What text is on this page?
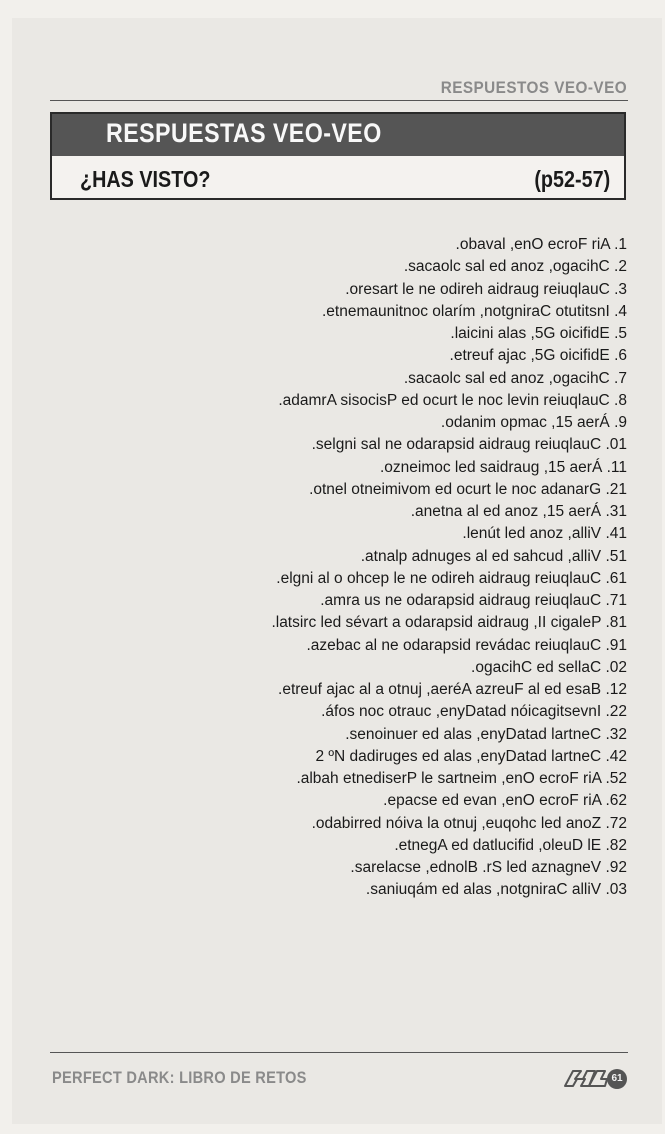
RESPUESTOS VEO-VEO
RESPUESTAS VEO-VEO
¿HAS VISTO?	(p52-57)
1. Air Force One, lavabo.
2. Chicago, zona de las cloacas.
3. Cualquier guardia herido en el trasero.
4. Instituto Carington, míralo continuamente.
5. Edificio G5, sala inicial.
6. Edificio G5, caja fuerte.
7. Chicago, zona de las cloacas.
8. Cualquier nivel con el truco de Psicosis Armada.
9. Área 51, campo minado.
10. Cualquier guardia disparado en las ingles.
11. Área 51, guardias del comienzo.
12. Granada con el truco de movimiento lento.
13. Área 51, zona de la antena.
14. Villa, zona del túnel.
15. Villa, duchas de la segunda planta.
16. Cualquier guardia herido en el pecho o la ingle.
17. Cualquier guardia disparado en su arma.
18. Pelagic II, guardia disparado a través del cristal.
19. Cualquier cadáver disparado en la cabeza.
20. Calles de Chicago.
21. Base de la Fuerza Aérea, junto a la caja fuerte.
22. Investigación dataDyne, cuarto con sofá.
23. Central dataDyne, sala de reuniones.
24. Central dataDyne, sala de seguridad Nº 2
25. Air Force One, mientras el Presidente habla.
26. Air Force One, nave de escape.
27. Zona del choque, junto al avión derribado.
28. El Duelo, dificultad de Agente.
29. Venganza del Sr. Blonde, escaleras.
30. Villa Carington, sala de máquinas.
PERFECT DARK: LIBRO DE RETOS	61
